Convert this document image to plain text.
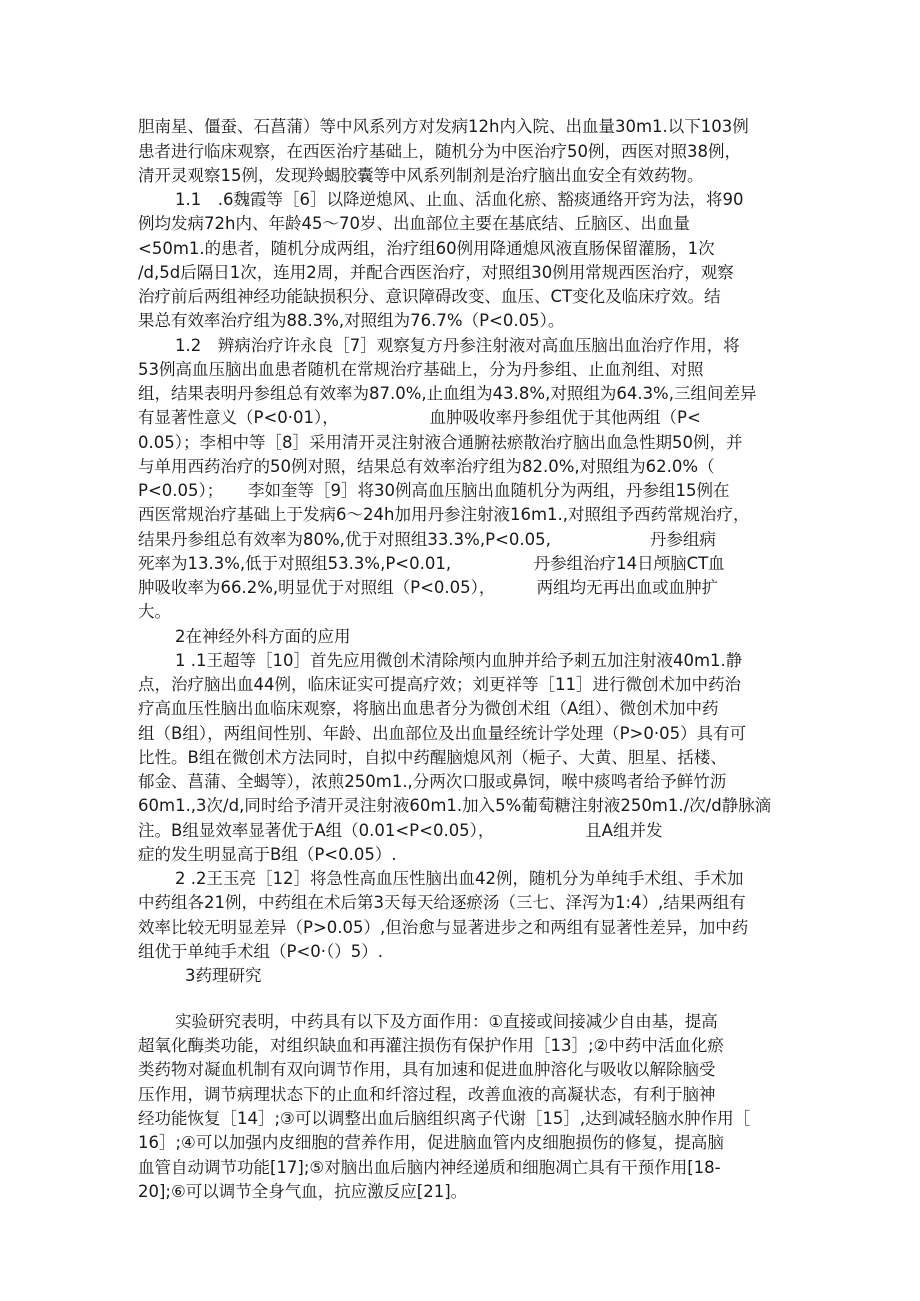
胆南星、僵蚕、石菖蒲）等中风系列方对发病12h内入院、出血量30m1.以下103例
患者进行临床观察，在西医治疗基础上，随机分为中医治疗50例，西医对照38例，
清开灵观察15例，发现羚蝎胶囊等中风系列制剂是治疗脑出血安全有效药物。
1.1　.6魏霞等［6］以降逆熄风、止血、活血化瘀、豁痰通络开窍为法，将90
例均发病72h内、年龄45〜70岁、出血部位主要在基底结、丘脑区、出血量
<50m1.的患者，随机分成两组，治疗组60例用降通熄风液直肠保留灌肠，1次
/d,5d后隔日1次，连用2周，并配合西医治疗，对照组30例用常规西医治疗，观察
治疗前后两组神经功能缺损积分、意识障碍改变、血压、CT变化及临床疗效。结
果总有效率治疗组为88.3%,对照组为76.7%（P<0.05）。
1.2　辨病治疗许永良［7］观察复方丹参注射液对高血压脑出血治疗作用，将
53例高血压脑出血患者随机在常规治疗基础上，分为丹参组、止血剂组、对照
组，结果表明丹参组总有效率为87.0%,止血组为43.8%,对照组为64.3%,三组间差异
有显著性意义（P<0·01），　　　　　　血肿吸收率丹参组优于其他两组（P<
0.05）；李相中等［8］采用清开灵注射液合通腑祛瘀散治疗脑出血急性期50例，并
与单用西药治疗的50例对照，结果总有效率治疗组为82.0%,对照组为62.0%（
P<0.05）；　　李如奎等［9］将30例高血压脑出血随机分为两组，丹参组15例在
西医常规治疗基础上于发病6〜24h加用丹参注射液16m1.,对照组予西药常规治疗，
结果丹参组总有效率为80%,优于对照组33.3%,P<0.05,　　　　　　丹参组病
死率为13.3%,低于对照组53.3%,P<0.01,　　　　　丹参组治疗14日颅脑CT血
肿吸收率为66.2%,明显优于对照组（P<0.05），　　　两组均无再出血或血肿扩
大。
2在神经外科方面的应用
1 .1王超等［10］首先应用微创术清除颅内血肿并给予刺五加注射液40m1.静
点，治疗脑出血44例，临床证实可提高疗效；刘更祥等［11］进行微创术加中药治
疗高血压性脑出血临床观察，将脑出血患者分为微创术组（A组）、微创术加中药
组（B组），两组间性别、年龄、出血部位及出血量经统计学处理（P>0·05）具有可
比性。B组在微创术方法同时，自拟中药醒脑熄风剂（梔子、大黄、胆星、括楼、
郁金、菖蒲、全蝎等），浓煎250m1.,分两次口服或鼻饲，喉中痰鸣者给予鲜竹沥
60m1.,3次/d,同时给予清开灵注射液60m1.加入5%葡萄糖注射液250m1./次/d静脉滴
注。B组显效率显著优于A组（0.01<P<0.05），　　　　　　且A组并发
症的发生明显高于B组（P<0.05）.
2 .2王玉亮［12］将急性高血压性脑出血42例，随机分为单纯手术组、手术加
中药组各21例，中药组在术后第3天每天给逐瘀汤（三七、泽泻为1:4）,结果两组有
效率比较无明显差异（P>0.05）,但治愈与显著进步之和两组有显著性差异，加中药
组优于单纯手术组（P<0·（）5）.
3药理研究
实验研究表明，中药具有以下及方面作用：①直接或间接减少自由基，提高
超氧化酶类功能，对组织缺血和再灌注损伤有保护作用［13］;②中药中活血化瘀
类药物对凝血机制有双向调节作用，具有加速和促进血肿溶化与吸收以解除脑受
压作用，调节病理状态下的止血和纤溶过程，改善血液的高凝状态，有利于脑神
经功能恢复［14］;③可以调整出血后脑组织离子代谢［15］,达到减轻脑水肿作用［
16］;④可以加强内皮细胞的营养作用，促进脑血管内皮细胞损伤的修复，提高脑
血管自动调节功能[17];⑤对脑出血后脑内神经递质和细胞凋亡具有干预作用[18-
20];⑥可以调节全身气血，抗应激反应[21]。
